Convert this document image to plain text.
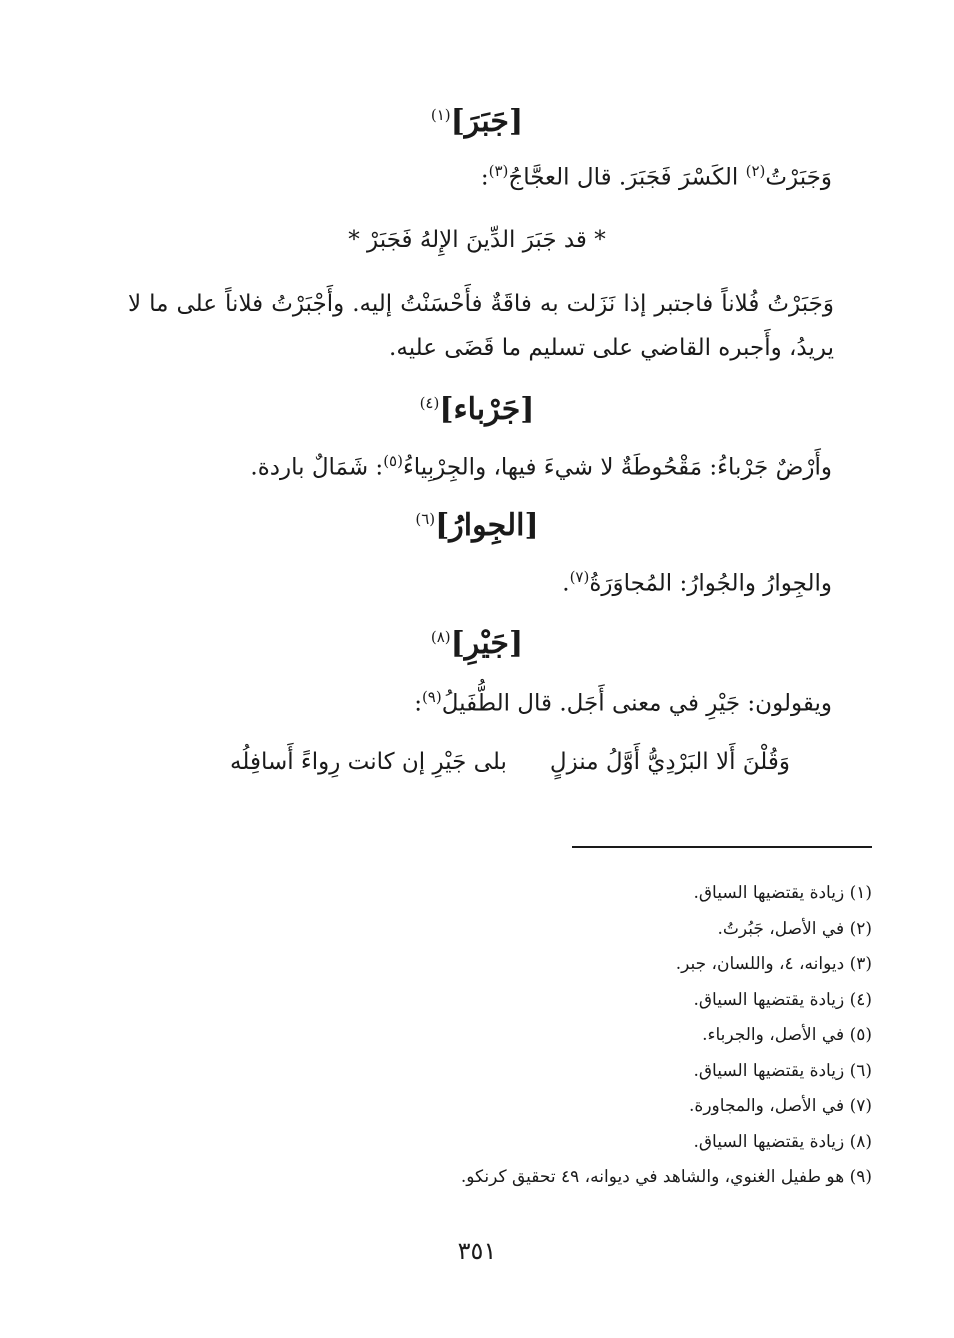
[جَبَرَ]$^{(١)}$
وَجَبَرْتُ$^{(٢)}$ الكَسْرَ فَجَبَرَ. قال العجَّاجُ$^{(٣)}$:
* قد جَبَرَ الدِّينَ الإِلهُ فَجَبَرْ *
وَجَبَرْتُ فُلاناً فاجتبر إذا نَزَلت به فاقَةٌ فأَحْسَنْتُ إليه. وأَجْبَرْتُ فلاناً على ما لا يريدُ، وأَجبره القاضي على تسليم ما قَضَى عليه.
[جَرْباء]$^{(٤)}$
وأَرْضٌ جَرْباءُ: مَقْحُوطَةٌ لا شيءَ فيها، والجِرْبِياءُ$^{(٥)}$: شَمَالٌ باردة.
[الجِوارُ]$^{(٦)}$
والجِوارُ والجُوارُ: المُجاوَرَةُ$^{(٧)}$.
[جَيْرِ]$^{(٨)}$
ويقولون: جَيْرِ في معنى أَجَل. قال الطُّفَيلُ$^{(٩)}$:
وَقُلْنَ أَلا البَرْدِيُّ أَوَّلُ منزلٍ
بلى جَيْرِ إن كانت رِواءً أَسافِلُه
(١) زيادة يقتضيها السياق.
(٢) في الأصل، جَبُرتُ.
(٣) ديوانه، ٤، واللسان، جبر.
(٤) زيادة يقتضيها السياق.
(٥) في الأصل، والجرباء.
(٦) زيادة يقتضيها السياق.
(٧) في الأصل، والمجاورة.
(٨) زيادة يقتضيها السياق.
(٩) هو طفيل الغنوي، والشاهد في ديوانه، ٤٩ تحقيق كرنكو.
٣٥١
